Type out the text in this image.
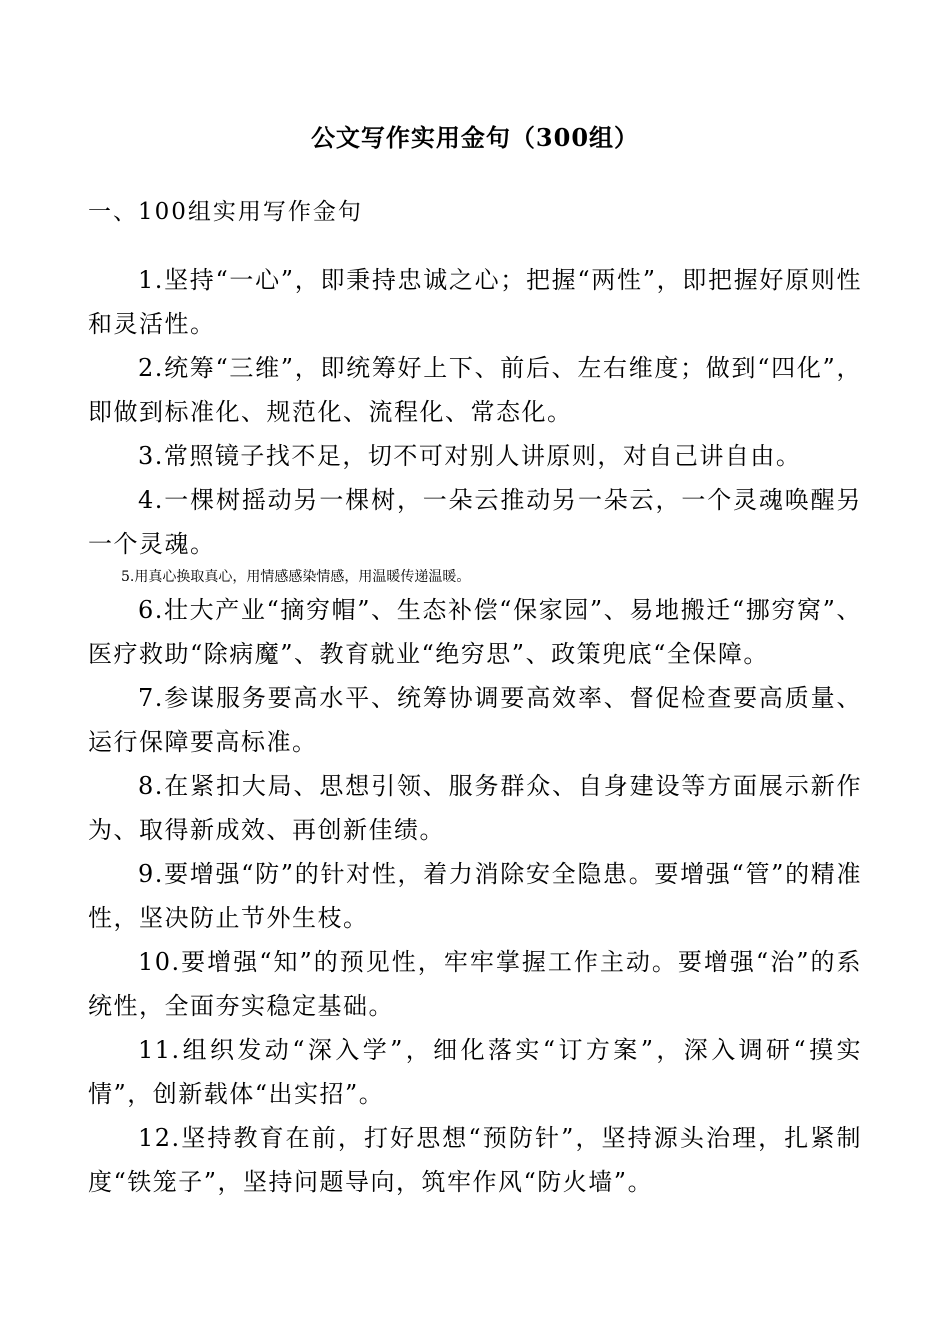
公文写作实用金句（300组）
一、100组实用写作金句

1.坚持“一心”，即秉持忠诚之心；把握“两性”，即把握好原则性和灵活性。

2.统筹“三维”，即统筹好上下、前后、左右维度；做到“四化”，即做到标准化、规范化、流程化、常态化。

3.常照镜子找不足，切不可对别人讲原则，对自己讲自由。

4.一棵树摇动另一棵树，一朵云推动另一朵云，一个灵魂唤醒另一个灵魂。

5.用真心换取真心，用情感感染情感，用温暖传递温暖。

6.壮大产业“摘穷帽”、生态补偿“保家园”、易地搬迁“挪穷窝”、医疗救助“除病魔”、教育就业“绝穷思”、政策兜底“全保障。

7.参谋服务要高水平、统筹协调要高效率、督促检查要高质量、运行保障要高标准。

8.在紧扣大局、思想引领、服务群众、自身建设等方面展示新作为、取得新成效、再创新佳绩。

9.要增强“防”的针对性，着力消除安全隐患。要增强“管”的精准性，坚决防止节外生枝。

10.要增强“知”的预见性，牢牢掌握工作主动。要增强“治”的系统性，全面夯实稳定基础。

11.组织发动“深入学”，细化落实“订方案”，深入调研“摸实情”，创新载体“出实招”。

12.坚持教育在前，打好思想“预防针”，坚持源头治理，扎紧制度“铁笼子”，坚持问题导向，筑牢作风“防火墙”。
